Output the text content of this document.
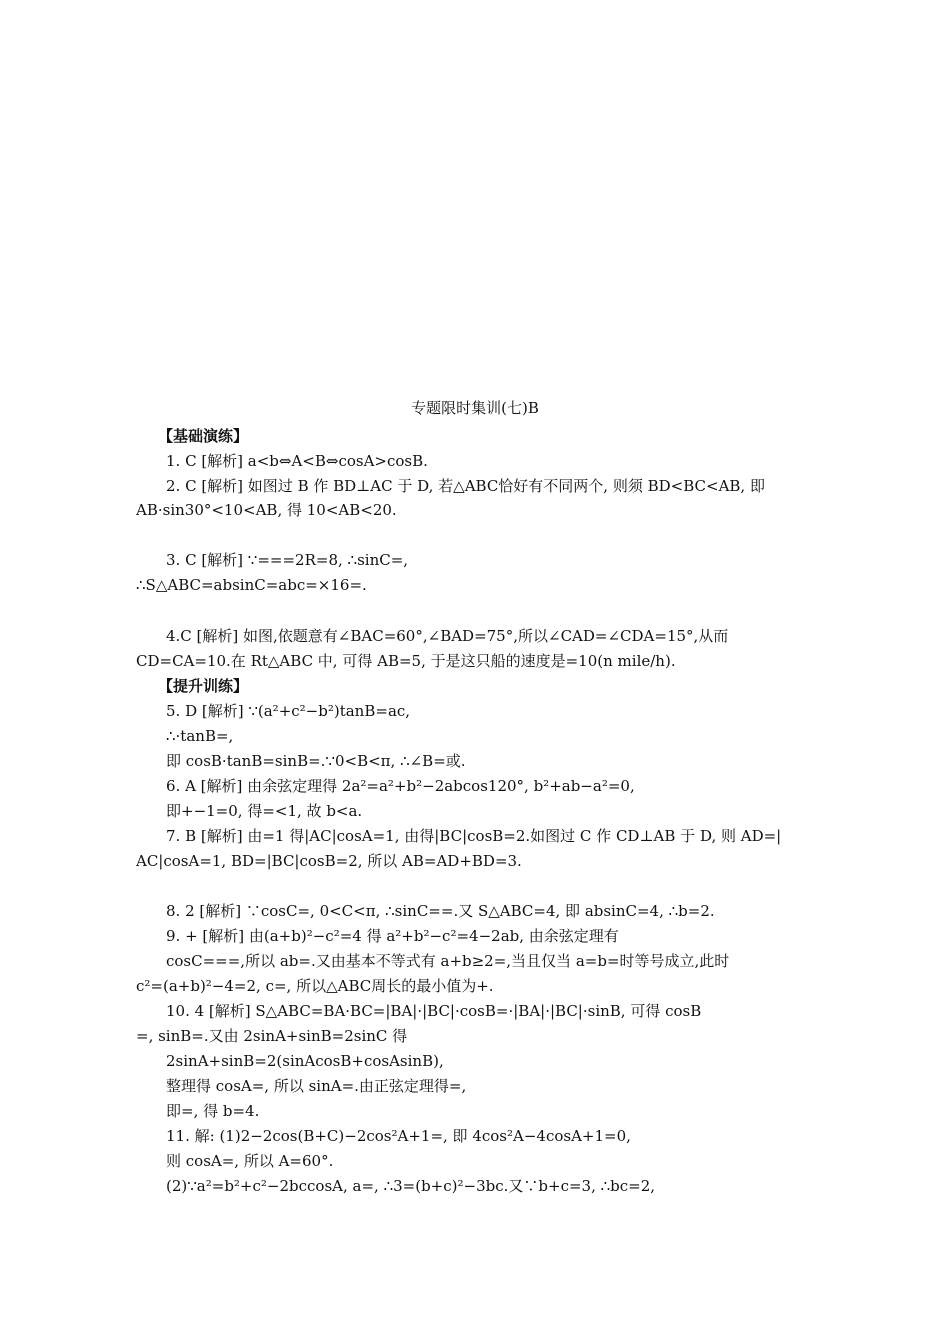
专题限时集训(七)B
【基础演练】
1. C [解析] a<b⇔A<B⇔cosA>cosB.
2. C [解析] 如图过 B 作 BD⊥AC 于 D, 若△ABC恰好有不同两个, 则须 BD<BC<AB, 即
AB·sin30°<10<AB, 得 10<AB<20.
3. C [解析] ∵===2R=8, ∴sinC=,
∴S△ABC=absinC=abc=×16=.
4.C [解析] 如图,依题意有∠BAC=60°,∠BAD=75°,所以∠CAD=∠CDA=15°,从而
CD=CA=10.在 Rt△ABC 中, 可得 AB=5, 于是这只船的速度是=10(n mile/h).
【提升训练】
5. D [解析] ∵(a²+c²−b²)tanB=ac,
∴·tanB=,
即 cosB·tanB=sinB=.∵0<B<π, ∴∠B=或.
6. A [解析] 由余弦定理得 2a²=a²+b²−2abcos120°, b²+ab−a²=0,
即+−1=0, 得=<1, 故 b<a.
7. B [解析] 由=1 得|AC|cosA=1, 由得|BC|cosB=2.如图过 C 作 CD⊥AB 于 D, 则 AD=|
AC|cosA=1, BD=|BC|cosB=2, 所以 AB=AD+BD=3.
8. 2 [解析] ∵cosC=, 0<C<π, ∴sinC==.又 S△ABC=4, 即 absinC=4, ∴b=2.
9. + [解析] 由(a+b)²−c²=4 得 a²+b²−c²=4−2ab, 由余弦定理有
cosC===,所以 ab=.又由基本不等式有 a+b≥2=,当且仅当 a=b=时等号成立,此时
c²=(a+b)²−4=2, c=, 所以△ABC周长的最小值为+.
10. 4 [解析] S△ABC=BA·BC=|BA|·|BC|·cosB=·|BA|·|BC|·sinB, 可得 cosB
=, sinB=.又由 2sinA+sinB=2sinC 得
2sinA+sinB=2(sinAcosB+cosAsinB),
整理得 cosA=, 所以 sinA=.由正弦定理得=,
即=, 得 b=4.
11. 解: (1)2−2cos(B+C)−2cos²A+1=, 即 4cos²A−4cosA+1=0,
则 cosA=, 所以 A=60°.
(2)∵a²=b²+c²−2bccosA, a=, ∴3=(b+c)²−3bc.又∵b+c=3, ∴bc=2,
